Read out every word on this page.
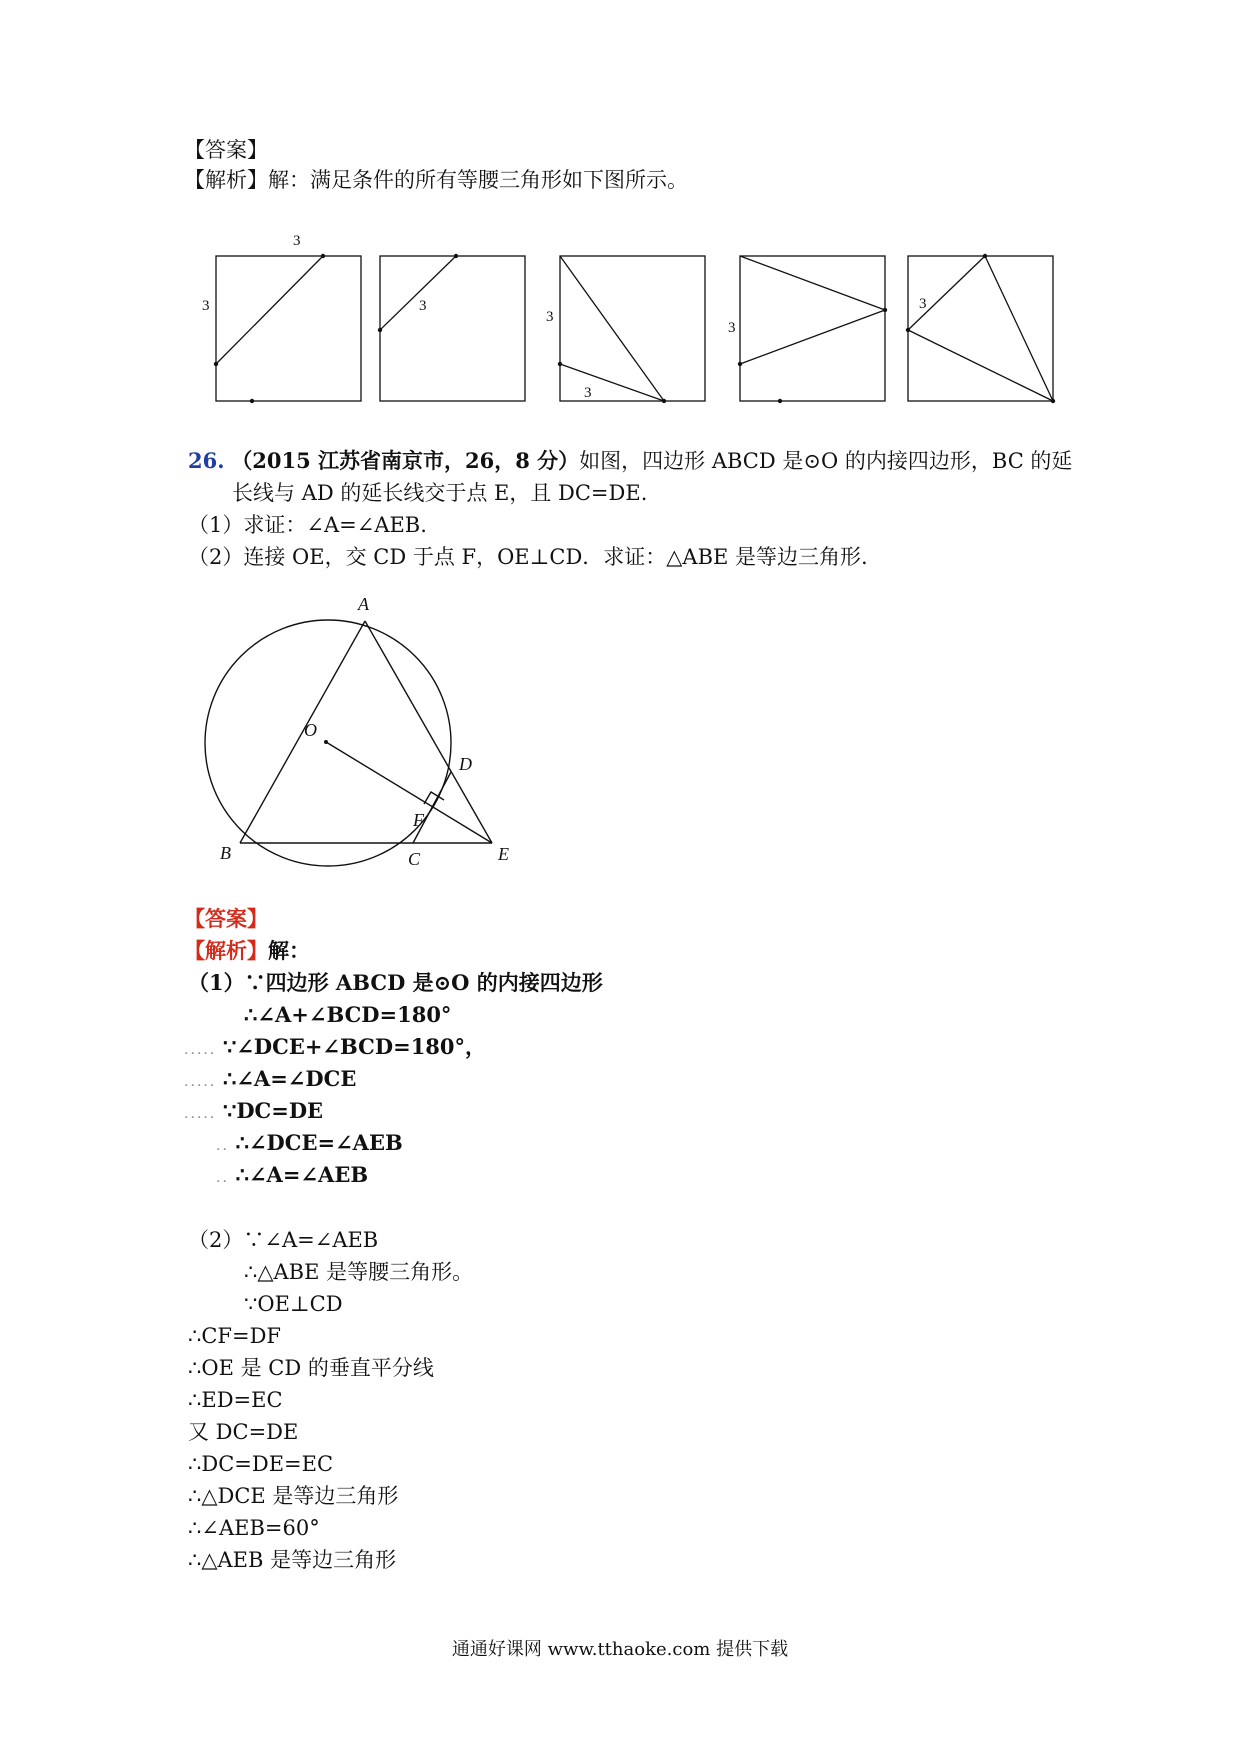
【答案】
【解析】解：满足条件的所有等腰三角形如下图所示。
3
3	3
3
3
3
3
26. （2015 江苏省南京市，26，8 分）如图，四边形 ABCD 是⊙O 的内接四边形，BC 的延
长线与 AD 的延长线交于点 E，且 DC=DE.
（1）求证：∠A=∠AEB.
（2）连接 OE，交 CD 于点 F，OE⊥CD．求证：△ABE 是等边三角形.
A
O
D
F
B	C	E
【答案】
【解析】解：
（1）∵四边形 ABCD 是⊙O 的内接四边形
∴∠A+∠BCD=180°
..... ∵∠DCE+∠BCD=180°，
..... ∴∠A=∠DCE
..... ∵DC=DE
.. ∴∠DCE=∠AEB
.. ∴∠A=∠AEB
（2）∵∠A=∠AEB
∴△ABE 是等腰三角形。
∵OE⊥CD
∴CF=DF
∴OE 是 CD 的垂直平分线
∴ED=EC
又 DC=DE
∴DC=DE=EC
∴△DCE 是等边三角形
∴∠AEB=60°
∴△AEB 是等边三角形
通通好课网 www.tthaoke.com 提供下载
